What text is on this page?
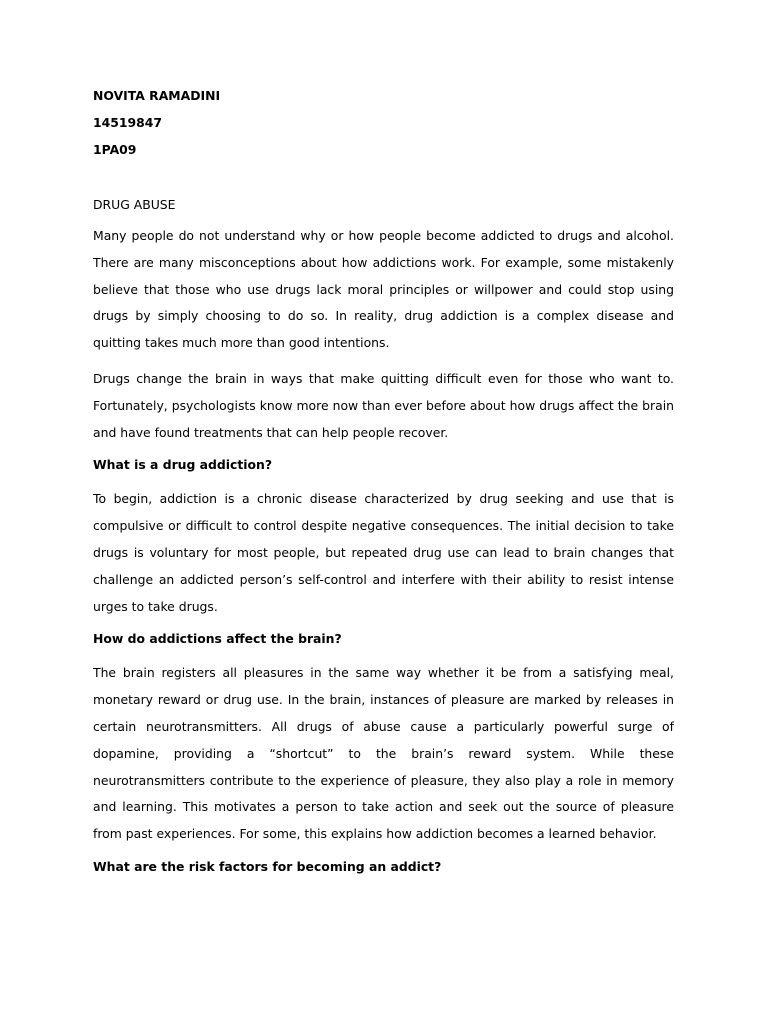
NOVITA RAMADINI

14519847

1PA09

DRUG ABUSE

Many people do not understand why or how people become addicted to drugs and alcohol. There are many misconceptions about how addictions work. For example, some mistakenly believe that those who use drugs lack moral principles or willpower and could stop using drugs by simply choosing to do so. In reality, drug addiction is a complex disease and quitting takes much more than good intentions.

Drugs change the brain in ways that make quitting difficult even for those who want to. Fortunately, psychologists know more now than ever before about how drugs affect the brain and have found treatments that can help people recover.

What is a drug addiction?

To begin, addiction is a chronic disease characterized by drug seeking and use that is compulsive or difficult to control despite negative consequences. The initial decision to take drugs is voluntary for most people, but repeated drug use can lead to brain changes that challenge an addicted person’s self-control and interfere with their ability to resist intense urges to take drugs.

How do addictions affect the brain?

The brain registers all pleasures in the same way whether it be from a satisfying meal, monetary reward or drug use. In the brain, instances of pleasure are marked by releases in certain neurotransmitters. All drugs of abuse cause a particularly powerful surge of dopamine, providing a “shortcut” to the brain’s reward system. While these neurotransmitters contribute to the experience of pleasure, they also play a role in memory and learning. This motivates a person to take action and seek out the source of pleasure from past experiences. For some, this explains how addiction becomes a learned behavior.

What are the risk factors for becoming an addict?
